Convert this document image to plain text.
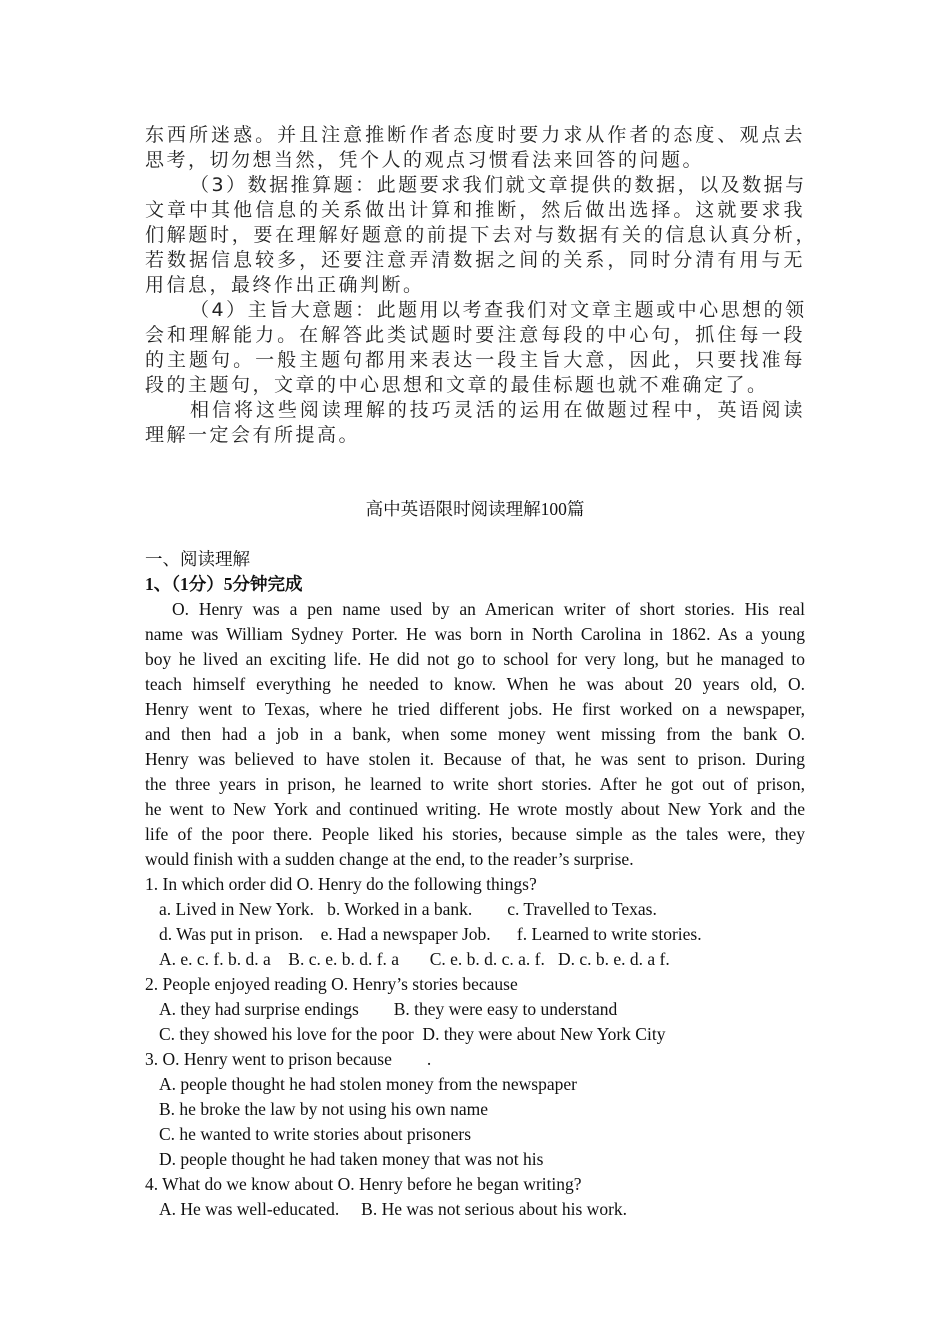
东西所迷惑。并且注意推断作者态度时要力求从作者的态度、观点去
思考，切勿想当然，凭个人的观点习惯看法来回答的问题。
（3）数据推算题：此题要求我们就文章提供的数据，以及数据与
文章中其他信息的关系做出计算和推断，然后做出选择。这就要求我
们解题时，要在理解好题意的前提下去对与数据有关的信息认真分析，
若数据信息较多，还要注意弄清数据之间的关系，同时分清有用与无
用信息，最终作出正确判断。
（4）主旨大意题：此题用以考查我们对文章主题或中心思想的领
会和理解能力。在解答此类试题时要注意每段的中心句，抓住每一段
的主题句。一般主题句都用来表达一段主旨大意，因此，只要找准每
段的主题句，文章的中心思想和文章的最佳标题也就不难确定了。
相信将这些阅读理解的技巧灵活的运用在做题过程中，英语阅读
理解一定会有所提高。
高中英语限时阅读理解100篇
一、阅读理解
1、（1分）5分钟完成
O. Henry was a pen name used by an American writer of short stories. His real
name was William Sydney Porter. He was born in North Carolina in 1862. As a young
boy he lived an exciting life. He did not go to school for very long, but he managed to
teach himself everything he needed to know. When he was about 20 years old, O.
Henry went to Texas, where he tried different jobs. He first worked on a newspaper,
and then had a job in a bank, when some money went missing from the bank O.
Henry was believed to have stolen it. Because of that, he was sent to prison. During
the three years in prison, he learned to write short stories. After he got out of prison,
he went to New York and continued writing. He wrote mostly about New York and the
life of the poor there. People liked his stories, because simple as the tales were, they
would finish with a sudden change at the end, to the reader’s surprise.
1. In which order did O. Henry do the following things?
a. Lived in New York.   b. Worked in a bank.        c. Travelled to Texas.
d. Was put in prison.    e. Had a newspaper Job.      f. Learned to write stories.
A. e. c. f. b. d. a    B. c. e. b. d. f. a       C. e. b. d. c. a. f.   D. c. b. e. d. a f.
2. People enjoyed reading O. Henry’s stories because
A. they had surprise endings        B. they were easy to understand
C. they showed his love for the poor  D. they were about New York City
3. O. Henry went to prison because        .
A. people thought he had stolen money from the newspaper
B. he broke the law by not using his own name
C. he wanted to write stories about prisoners
D. people thought he had taken money that was not his
4. What do we know about O. Henry before he began writing?
A. He was well-educated.     B. He was not serious about his work.
